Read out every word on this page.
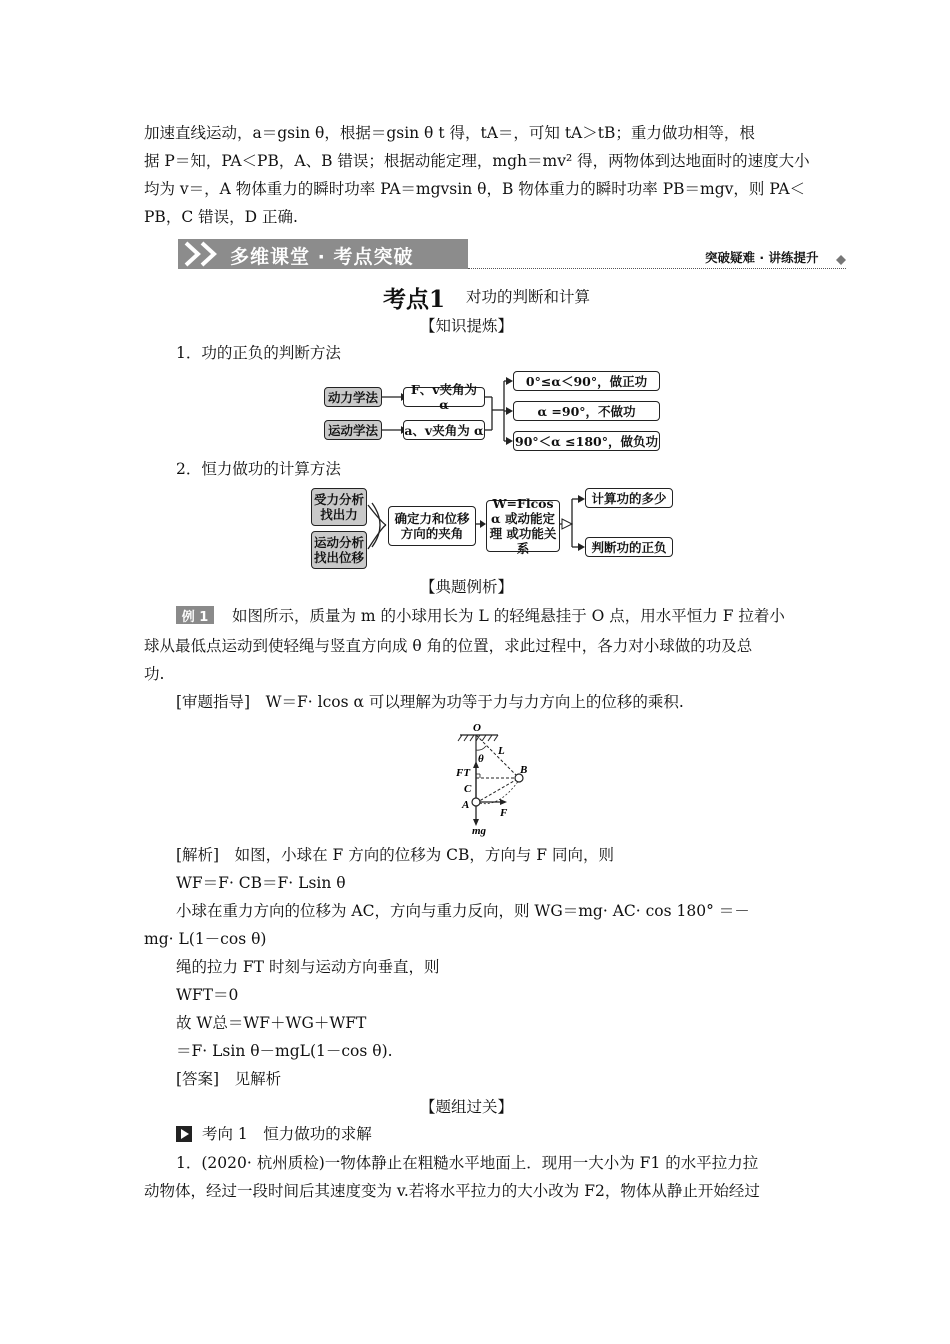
加速直线运动，a＝gsin θ，根据＝gsin θ t 得，tA＝，可知 tA＞tB；重力做功相等，根
据 P＝知，PA＜PB，A、B 错误；根据动能定理，mgh＝mv² 得，两物体到达地面时的速度大小
均为 v＝，A 物体重力的瞬时功率 PA＝mgvsin θ，B 物体重力的瞬时功率 PB＝mgv，则 PA＜
PB，C 错误，D 正确.
多维课堂 · 考点突破	突破疑难 · 讲练提升
考点1 对功的判断和计算
【知识提炼】
1．功的正负的判断方法
动力学法
运动学法
F、v夹角为 α
a、v夹角为 α
0°≤α＜90°，做正功
α =90°，不做功
90°＜α ≤180°，做负功
2．恒力做功的计算方法
受力分析 找出力
运动分析 找出位移
确定力和位移 方向的夹角
W=Flcos α 或动能定理 或功能关系
计算功的多少
判断功的正负
【典题例析】
例 1	如图所示，质量为 m 的小球用长为 L 的轻绳悬挂于 O 点，用水平恒力 F 拉着小
球从最低点运动到使轻绳与竖直方向成 θ 角的位置，求此过程中，各力对小球做的功及总
功.
[审题指导]　W＝F· lcos α 可以理解为功等于力与力方向上的位移的乘积.
O
L
θ
FT	B
C
A
F
mg
[解析]　如图，小球在 F 方向的位移为 CB，方向与 F 同向，则
WF＝F· CB＝F· Lsin θ
小球在重力方向的位移为 AC，方向与重力反向，则 WG＝mg· AC· cos 180° ＝－
mg· L(1－cos θ)
绳的拉力 FT 时刻与运动方向垂直，则
WFT＝0
故 W总＝WF＋WG＋WFT
＝F· Lsin θ－mgL(1－cos θ).
[答案]　见解析
【题组过关】
考向 1　恒力做功的求解
1．(2020· 杭州质检)一物体静止在粗糙水平地面上．现用一大小为 F1 的水平拉力拉
动物体，经过一段时间后其速度变为 v.若将水平拉力的大小改为 F2，物体从静止开始经过
